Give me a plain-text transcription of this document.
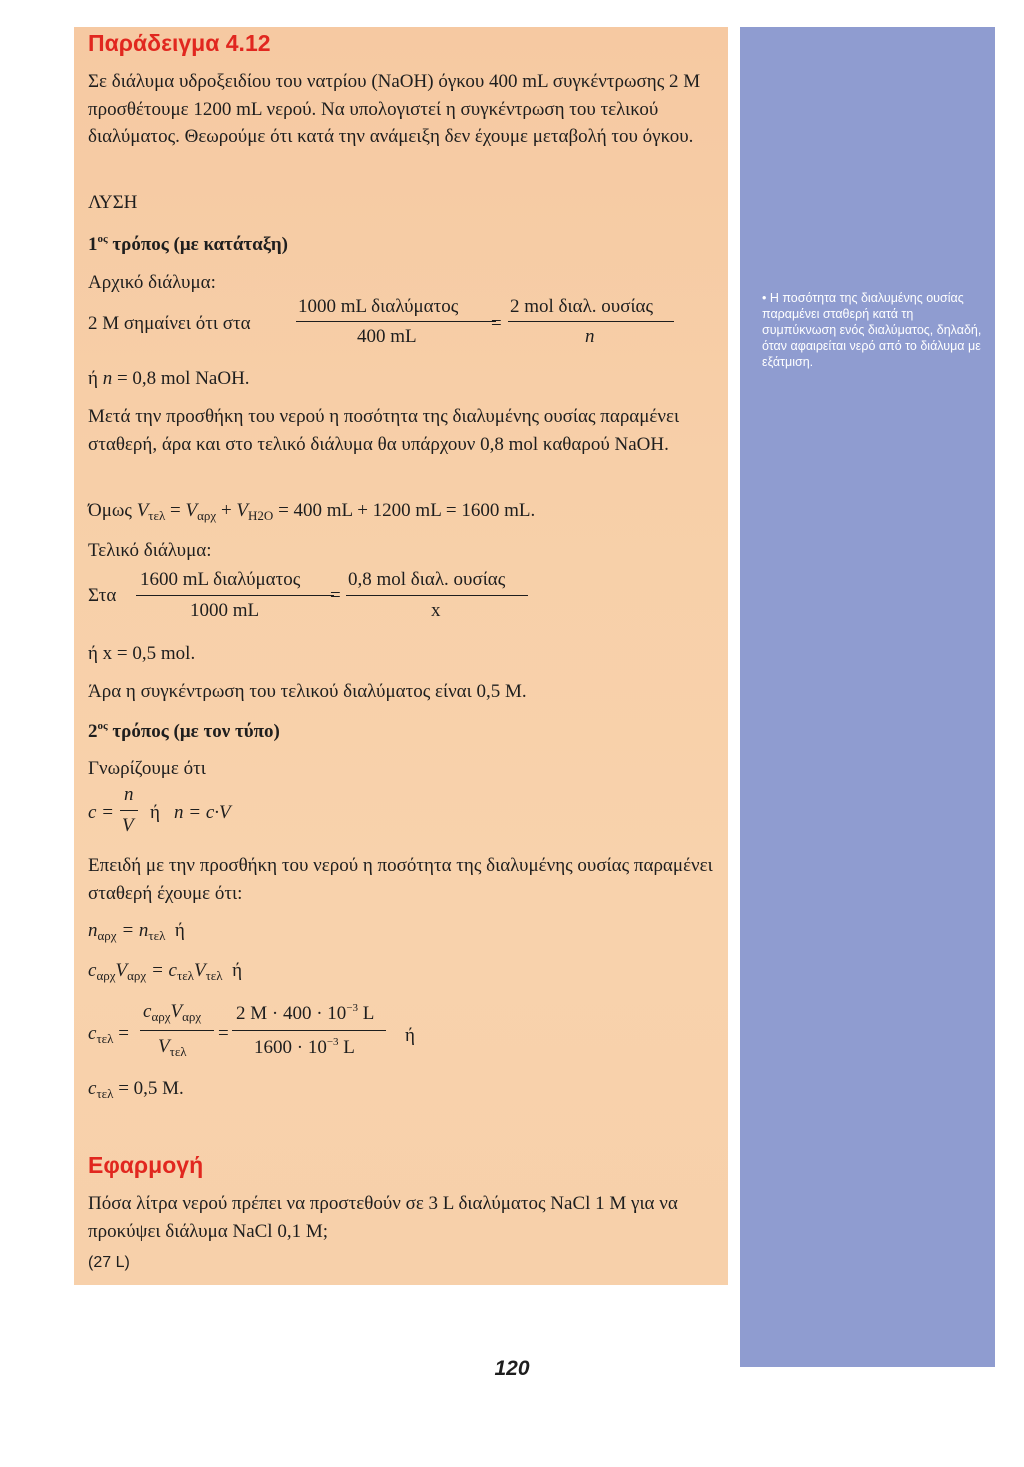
• Η ποσότητα της διαλυμένης ουσίας παραμένει σταθερή κατά τη συμπύκνωση ενός διαλύματος, δηλαδή, όταν αφαιρείται νερό από το διάλυμα με εξάτμιση.
Παράδειγμα 4.12
Σε διάλυμα υδροξειδίου του νατρίου (NaOH) όγκου 400 mL συγκέντρωσης 2 M προσθέτουμε 1200 mL νερού. Να υπολογιστεί η συγκέντρωση του τελικού διαλύματος. Θεωρούμε ότι κατά την ανάμειξη δεν έχουμε μεταβολή του όγκου.
ΛΥΣΗ
$1^{o\varsigma}$ τρόπος (με κατάταξη)
Αρχικό διάλυμα:
2 M σημαίνει ότι στα
1000 mL διαλύματος
400 mL
=
2 mol διαλ. ουσίας
n
ή n = 0,8 mol NaOH.
Μετά την προσθήκη του νερού η ποσότητα της διαλυμένης ουσίας παραμένει σταθερή, άρα και στο τελικό διάλυμα θα υπάρχουν 0,8 mol καθαρού NaOH.
Όμως $V_{\tau\varepsilon\lambda} = V_{\alpha\rho\chi} + V_{H2O} = 400$ mL + 1200 mL = 1600 mL.
Τελικό διάλυμα:
Στα
1600 mL διαλύματος
1000 mL
=
0,8 mol διαλ. ουσίας
x
ή x = 0,5 mol.
Άρα η συγκέντρωση του τελικού διαλύματος είναι 0,5 M.
$2^{o\varsigma}$ τρόπος (με τον τύπο)
Γνωρίζουμε ότι
c =
n
V
ή n = c·V
Επειδή με την προσθήκη του νερού η ποσότητα της διαλυμένης ουσίας παραμένει σταθερή έχουμε ότι:
$n_{\alpha\rho\chi} = n_{\tau\varepsilon\lambda}$ ή
$c_{\alpha\rho\chi}V_{\alpha\rho\chi} = c_{\tau\varepsilon\lambda}V_{\tau\varepsilon\lambda}$ ή
$c_{\tau\varepsilon\lambda}$ =
$c_{\alpha\rho\chi}V_{\alpha\rho\chi}$
$V_{\tau\varepsilon\lambda}$
=
2 $M \cdot 400 \cdot 10^{-3}$ L
$1600 \cdot 10^{-3}$ L
ή
$c_{\tau\varepsilon\lambda} = 0,5$ M.
Εφαρμογή
Πόσα λίτρα νερού πρέπει να προστεθούν σε 3 L διαλύματος NaCl 1 M για να προκύψει διάλυμα NaCl 0,1 M;
(27 L)
120
